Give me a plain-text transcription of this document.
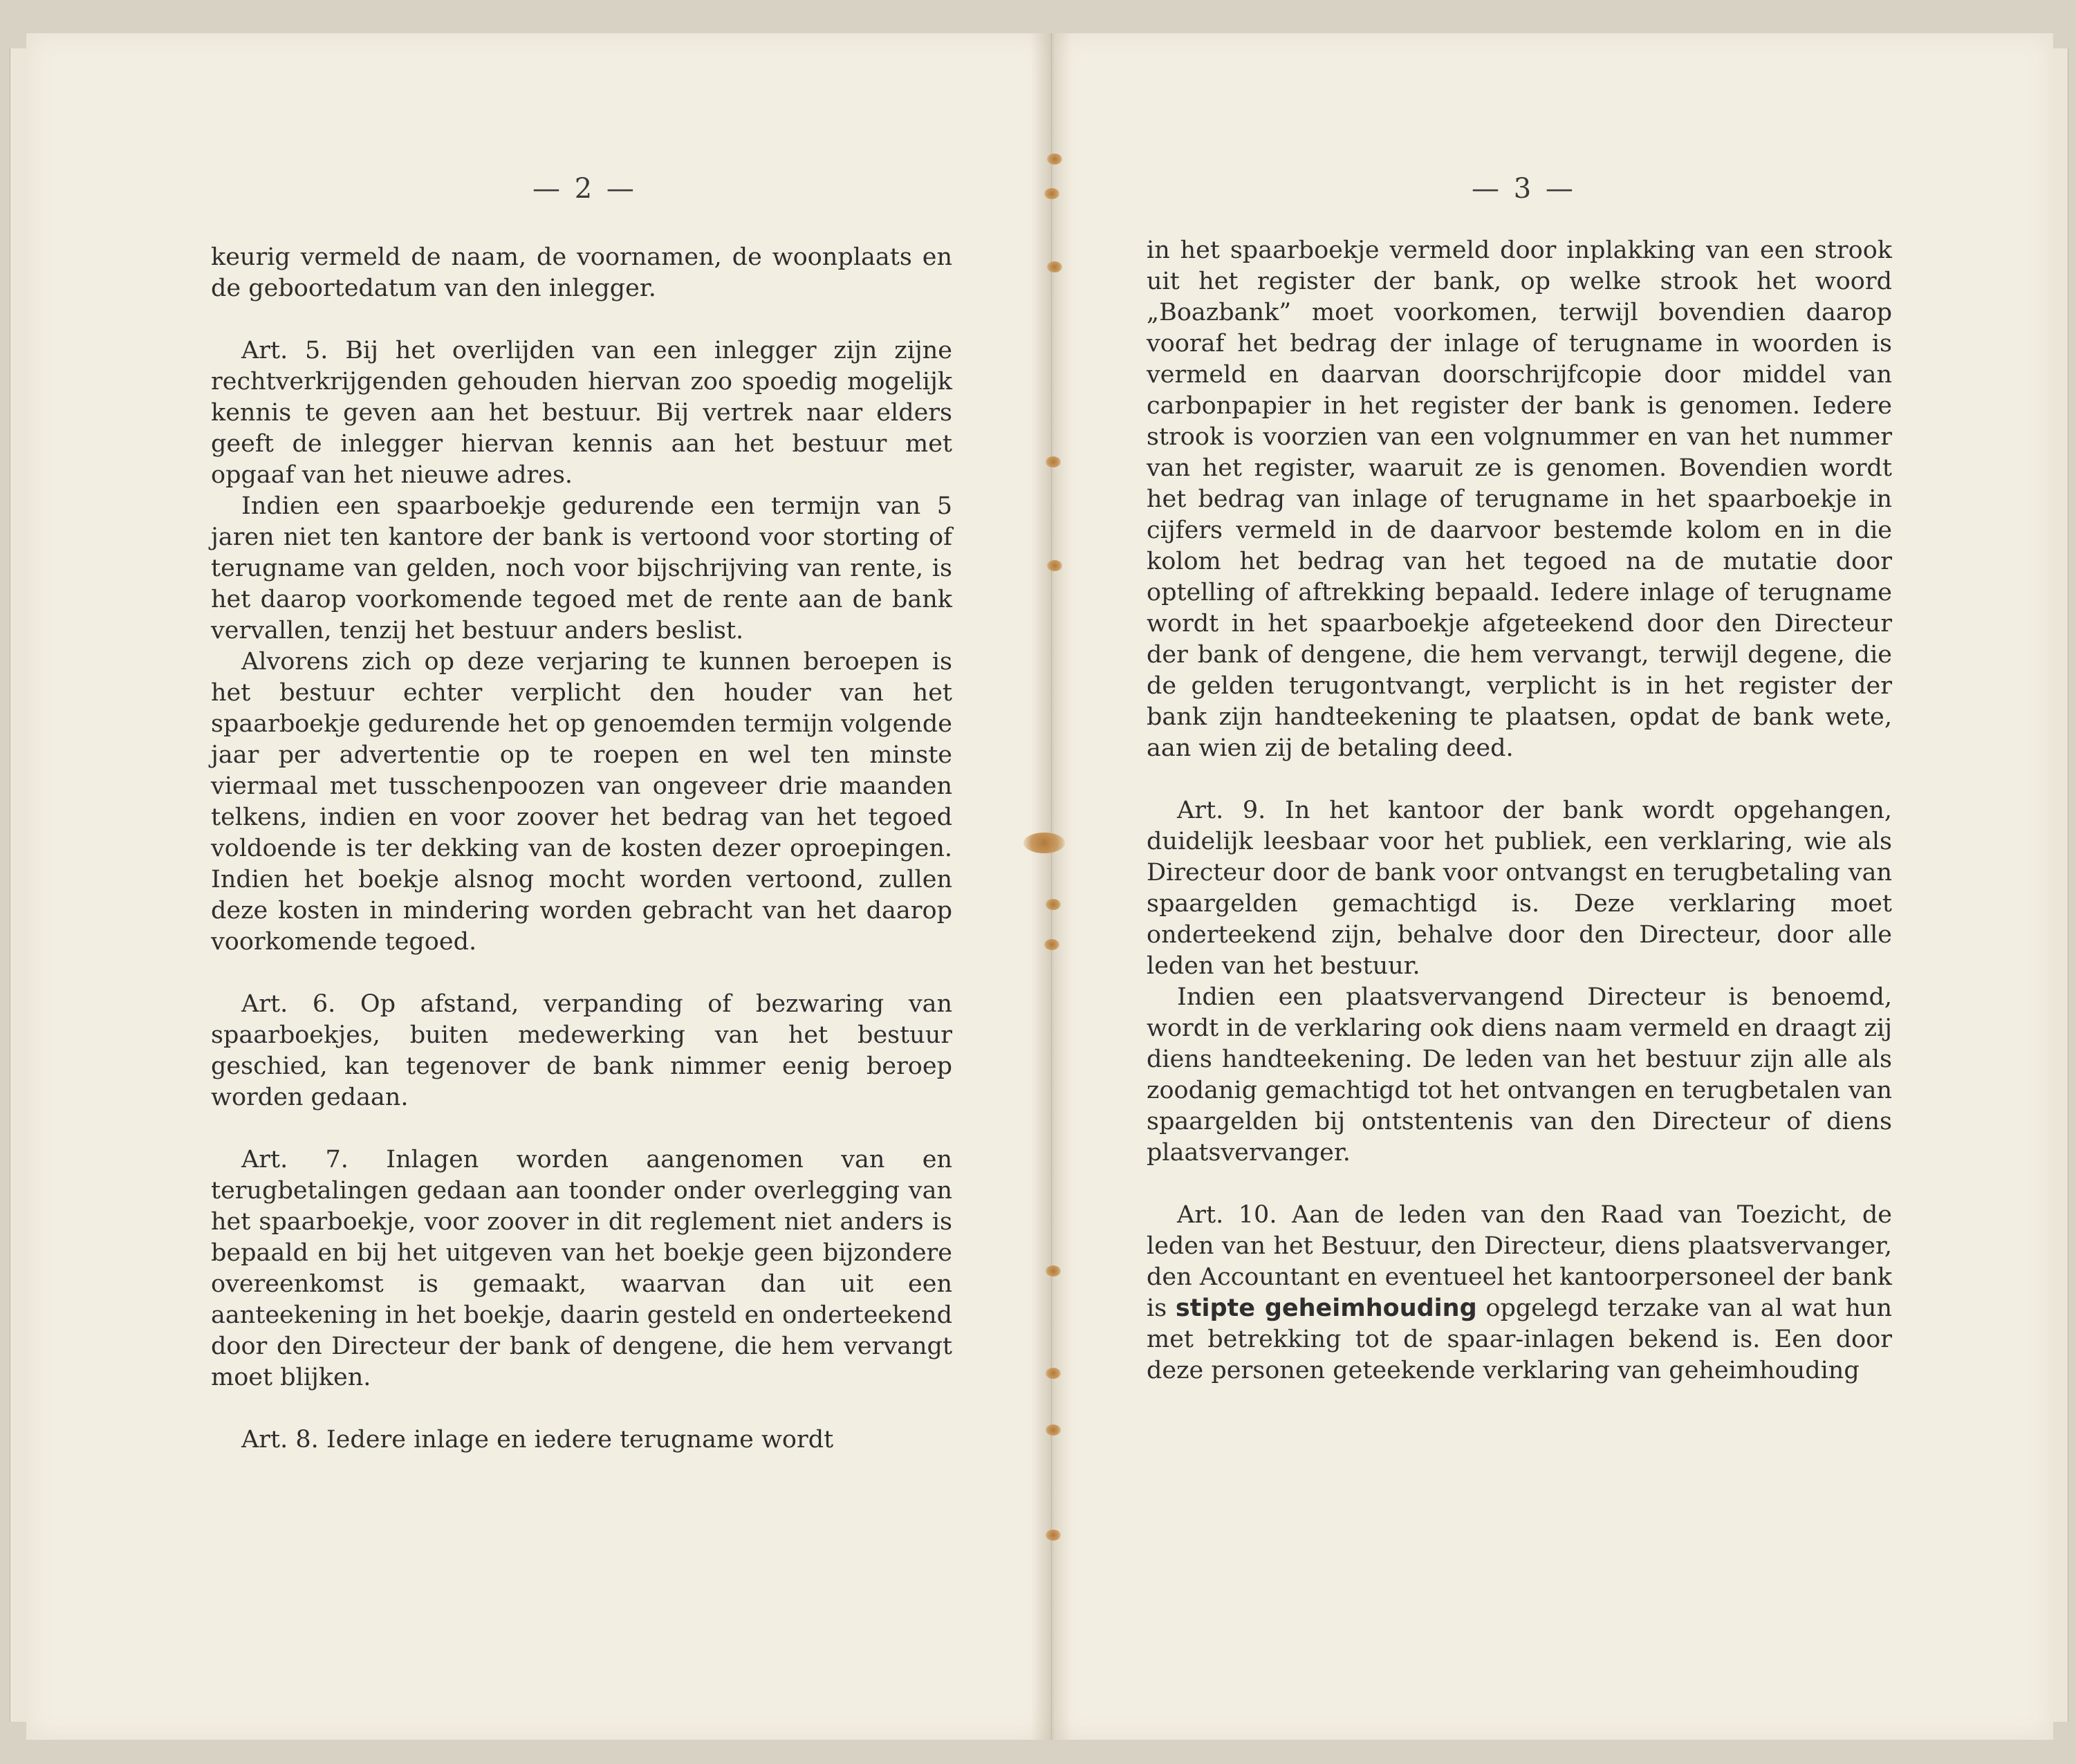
— 2 —

keurig vermeld de naam, de voornamen, de woonplaats en de geboortedatum van den inlegger.

Art. 5. Bij het overlijden van een inlegger zijn zijne rechtverkrijgenden gehouden hiervan zoo spoedig mogelijk kennis te geven aan het bestuur. Bij vertrek naar elders geeft de inlegger hiervan kennis aan het bestuur met opgaaf van het nieuwe adres.

Indien een spaarboekje gedurende een termijn van 5 jaren niet ten kantore der bank is vertoond voor storting of terugname van gelden, noch voor bijschrijving van rente, is het daarop voorkomende tegoed met de rente aan de bank vervallen, tenzij het bestuur anders beslist.

Alvorens zich op deze verjaring te kunnen beroepen is het bestuur echter verplicht den houder van het spaarboekje gedurende het op genoemden termijn volgende jaar per advertentie op te roepen en wel ten minste viermaal met tusschenpoozen van ongeveer drie maanden telkens, indien en voor zoover het bedrag van het tegoed voldoende is ter dekking van de kosten dezer oproepingen. Indien het boekje alsnog mocht worden vertoond, zullen deze kosten in mindering worden gebracht van het daarop voorkomende tegoed.

Art. 6. Op afstand, verpanding of bezwaring van spaarboekjes, buiten medewerking van het bestuur geschied, kan tegenover de bank nimmer eenig beroep worden gedaan.

Art. 7. Inlagen worden aangenomen van en terugbetalingen gedaan aan toonder onder overlegging van het spaarboekje, voor zoover in dit reglement niet anders is bepaald en bij het uitgeven van het boekje geen bijzondere overeenkomst is gemaakt, waarvan dan uit een aanteekening in het boekje, daarin gesteld en onderteekend door den Directeur der bank of dengene, die hem vervangt moet blijken.

Art. 8. Iedere inlage en iedere terugname wordt

— 3 —

in het spaarboekje vermeld door inplakking van een strook uit het register der bank, op welke strook het woord „Boazbank” moet voorkomen, terwijl bovendien daarop vooraf het bedrag der inlage of terugname in woorden is vermeld en daarvan doorschrijfcopie door middel van carbonpapier in het register der bank is genomen. Iedere strook is voorzien van een volgnummer en van het nummer van het register, waaruit ze is genomen. Bovendien wordt het bedrag van inlage of terugname in het spaarboekje in cijfers vermeld in de daarvoor bestemde kolom en in die kolom het bedrag van het tegoed na de mutatie door optelling of aftrekking bepaald. Iedere inlage of terugname wordt in het spaarboekje afgeteekend door den Directeur der bank of dengene, die hem vervangt, terwijl degene, die de gelden terugontvangt, verplicht is in het register der bank zijn handteekening te plaatsen, opdat de bank wete, aan wien zij de betaling deed.

Art. 9. In het kantoor der bank wordt opgehangen, duidelijk leesbaar voor het publiek, een verklaring, wie als Directeur door de bank voor ontvangst en terugbetaling van spaargelden gemachtigd is. Deze verklaring moet onderteekend zijn, behalve door den Directeur, door alle leden van het bestuur.

Indien een plaatsvervangend Directeur is benoemd, wordt in de verklaring ook diens naam vermeld en draagt zij diens handteekening. De leden van het bestuur zijn alle als zoodanig gemachtigd tot het ontvangen en terugbetalen van spaargelden bij ontstentenis van den Directeur of diens plaatsvervanger.

Art. 10. Aan de leden van den Raad van Toezicht, de leden van het Bestuur, den Directeur, diens plaatsvervanger, den Accountant en eventueel het kantoorpersoneel der bank is stipte geheimhouding opgelegd terzake van al wat hun met betrekking tot de spaar-inlagen bekend is. Een door deze personen geteekende verklaring van geheimhouding
